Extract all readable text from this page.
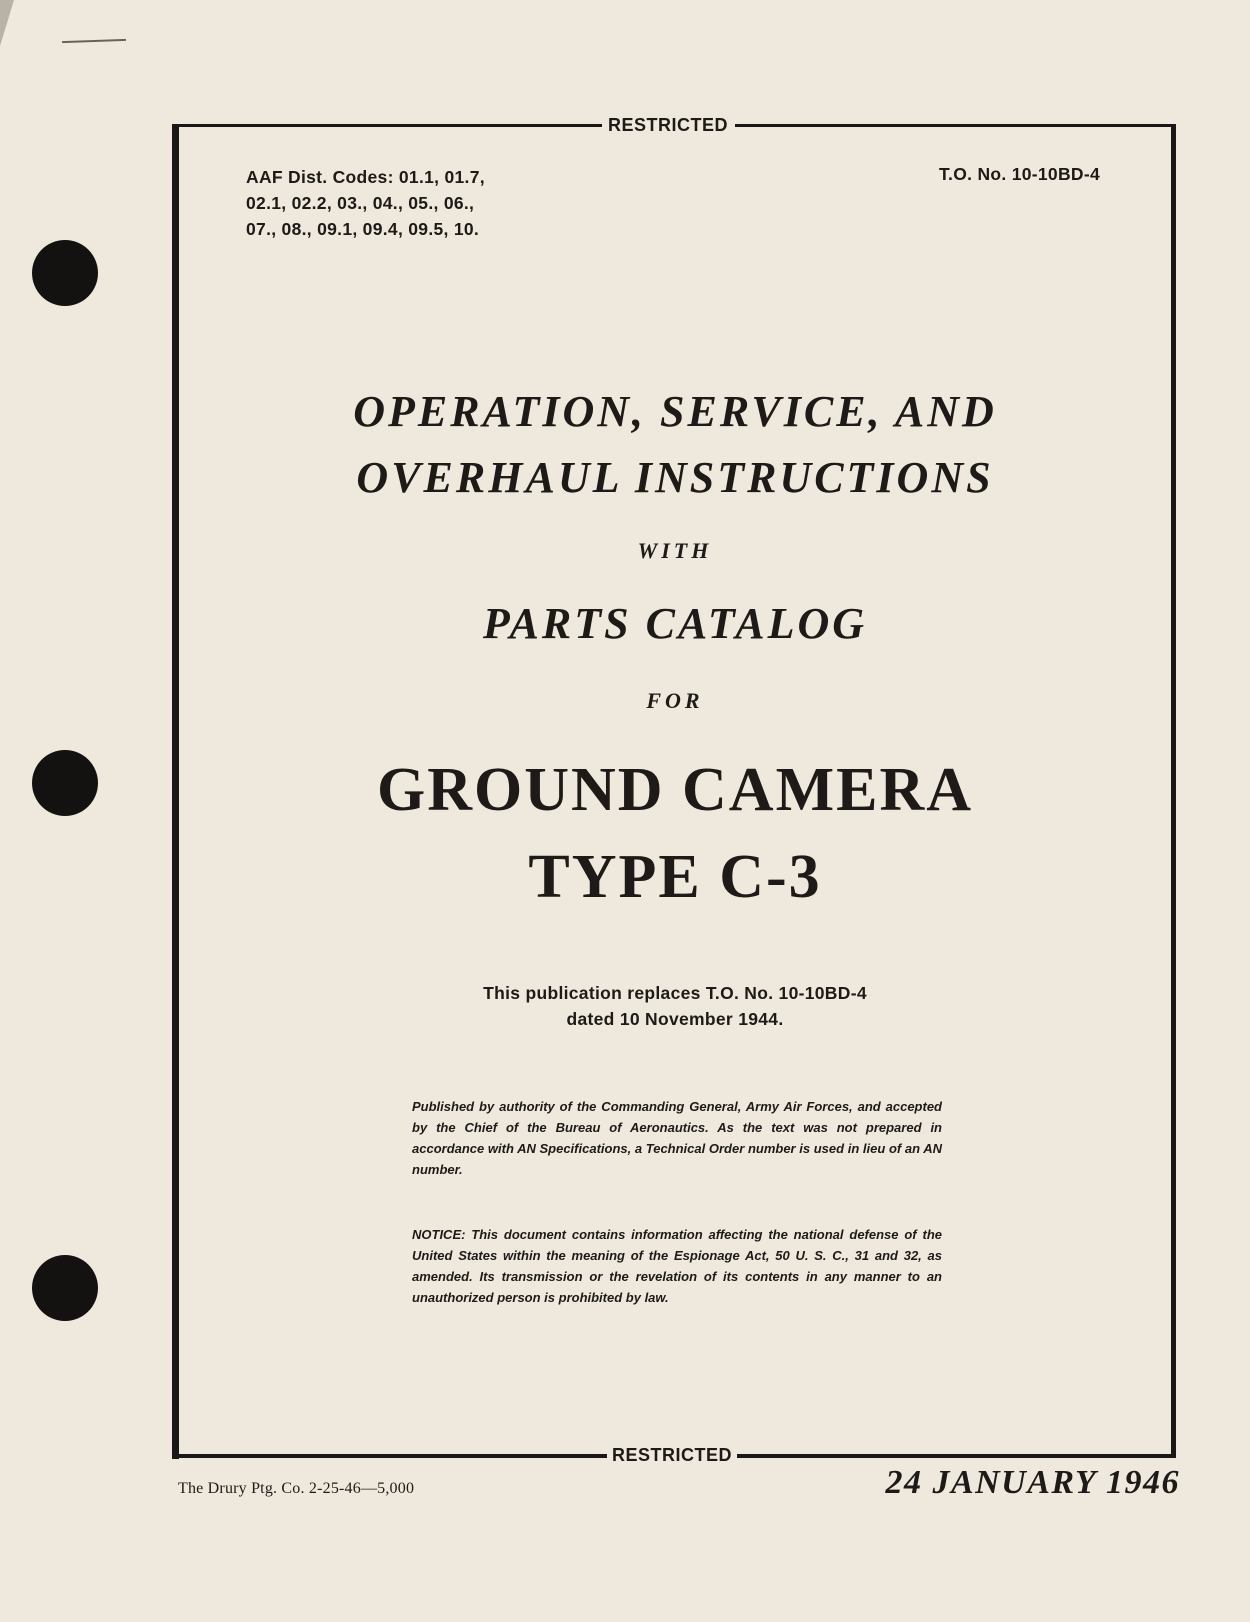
RESTRICTED
AAF Dist. Codes: 01.1, 01.7,
02.1, 02.2, 03., 04., 05., 06.,
07., 08., 09.1, 09.4, 09.5, 10.
T.O. No. 10-10BD-4
OPERATION, SERVICE, AND
OVERHAUL INSTRUCTIONS
WITH
PARTS CATALOG
FOR
GROUND CAMERA
TYPE C-3
This publication replaces T.O. No. 10-10BD-4
dated 10 November 1944.
Published by authority of the Commanding General, Army Air Forces, and accepted by the Chief of the Bureau of Aeronautics. As the text was not prepared in accordance with AN Specifications, a Technical Order number is used in lieu of an AN number.
NOTICE: This document contains information affecting the national defense of the United States within the meaning of the Espionage Act, 50 U. S. C., 31 and 32, as amended. Its transmission or the revelation of its contents in any manner to an unauthorized person is prohibited by law.
RESTRICTED
The Drury Ptg. Co. 2-25-46—5,000	24 JANUARY 1946
